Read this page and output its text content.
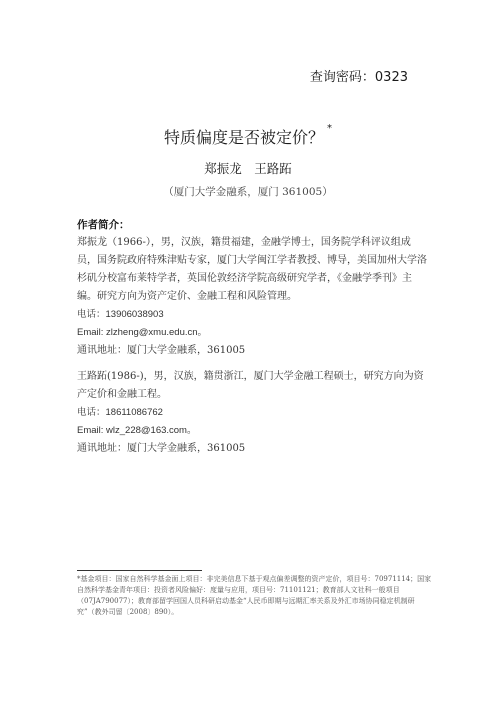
查询密码：0323
特质偏度是否被定价？ *
郑振龙　王路跖
（厦门大学金融系，厦门 361005）

作者简介：

郑振龙（1966-），男，汉族，籍贯福建，金融学博士，国务院学科评议组成员，国务院政府特殊津贴专家，厦门大学闽江学者教授、博导，美国加州大学洛杉矶分校富布莱特学者，英国伦敦经济学院高级研究学者，《金融学季刊》主编。研究方向为资产定价、金融工程和风险管理。

电话：13906038903

Email: zlzheng@xmu.edu.cn。

通讯地址：厦门大学金融系，361005

王路跖(1986-)，男，汉族，籍贯浙江，厦门大学金融工程硕士，研究方向为资产定价和金融工程。

电话：18611086762

Email: wlz_228@163.com。

通讯地址：厦门大学金融系，361005

*基金项目：国家自然科学基金面上项目：非完美信息下基于观点偏差调整的资产定价，项目号：70971114；国家自然科学基金青年项目：投资者风险偏好：度量与应用，项目号：71101121；教育部人文社科一般项目（07JA790077）；教育部留学回国人员科研启动基金“人民币即期与远期汇率关系及外汇市场协同稳定机制研究”（教外司留〔2008〕890）。
